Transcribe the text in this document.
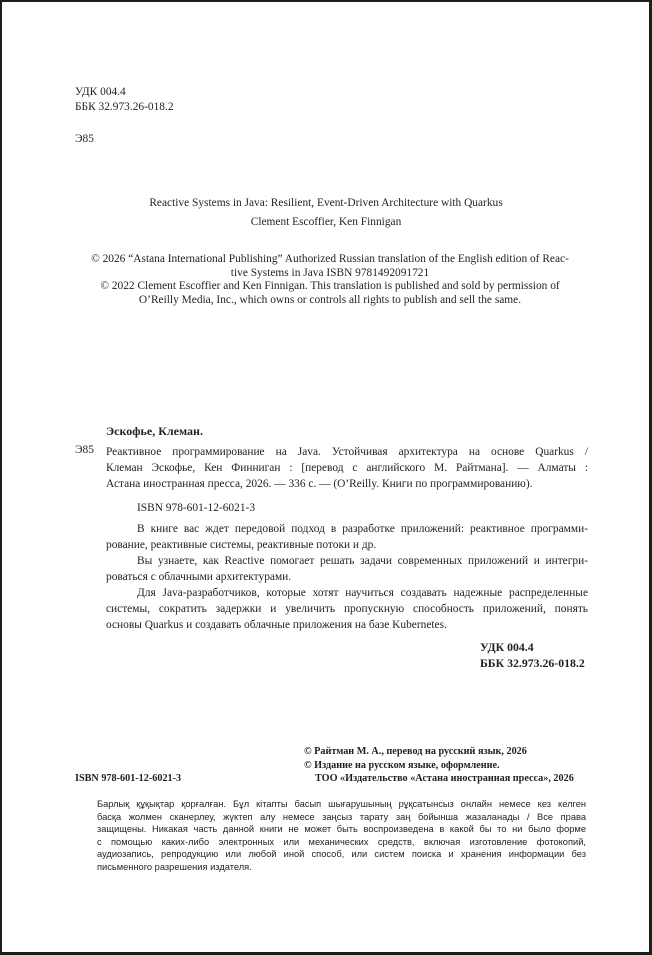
УДК 004.4
ББК 32.973.26-018.2
Э85
Reactive Systems in Java: Resilient, Event-Driven Architecture with Quarkus
Clement Escoffier, Ken Finnigan
© 2026 “Astana International Publishing” Authorized Russian translation of the English edition of Reac-
tive Systems in Java ISBN 9781492091721
© 2022 Clement Escoffier and Ken Finnigan. This translation is published and sold by permission of
O’Reilly Media, Inc., which owns or controls all rights to publish and sell the same.
Эскофье, Клеман.
Э85 Реактивное программирование на Java. Устойчивая архитектура на основе Quarkus /
Клеман Эскофье, Кен Финниган : [перевод с английского М. Райтмана]. — Алматы :
Астана иностранная пресса, 2026. — 336 с. — (O’Reilly. Книги по программированию).
ISBN 978-601-12-6021-3
В книге вас ждет передовой подход в разработке приложений: реактивное программи-
рование, реактивные системы, реактивные потоки и др.
Вы узнаете, как Reactive помогает решать задачи современных приложений и интегри-
роваться с облачными архитектурами.
Для Java-разработчиков, которые хотят научиться создавать надежные распределенные
системы, сократить задержки и увеличить пропускную способность приложений, понять
основы Quarkus и создавать облачные приложения на базе Kubernetes.
УДК 004.4
ББК 32.973.26-018.2
© Райтман М. А., перевод на русский язык, 2026
© Издание на русском языке, оформление.
ТОО «Издательство «Астана иностранная пресса», 2026
ISBN 978-601-12-6021-3
Барлық құқықтар қорғалған. Бұл кітапты басып шығарушының рұқсатынсыз онлайн немесе кез келген
басқа жолмен сканерлеу, жүктеп алу немесе заңсыз тарату заң бойынша жазаланады / Все права
защищены. Никакая часть данной книги не может быть воспроизведена в какой бы то ни было форме
с помощью каких-либо электронных или механических средств, включая изготовление фотокопий,
аудиозапись, репродукцию или любой иной способ, или систем поиска и хранения информации без
письменного разрешения издателя.
